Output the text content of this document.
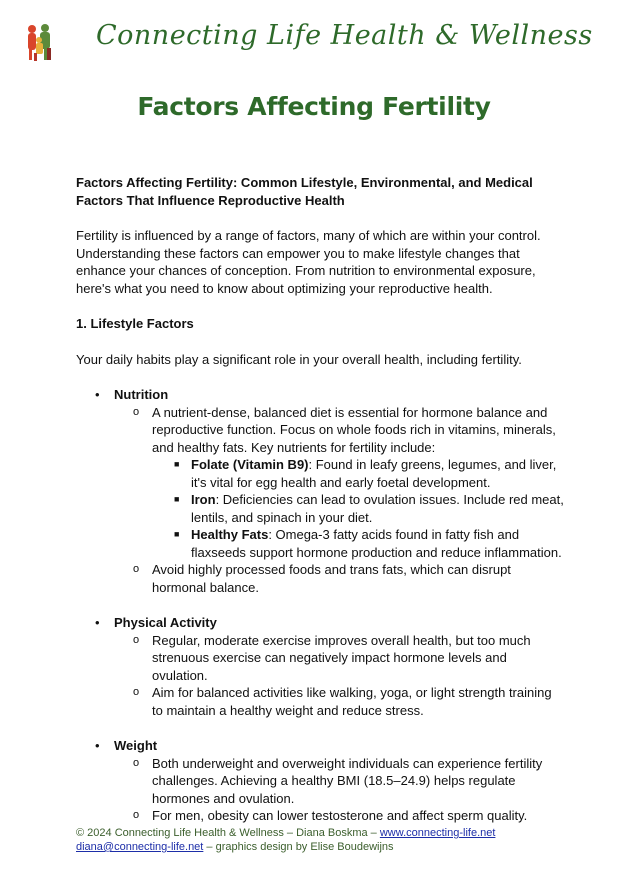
Connecting Life Health & Wellness
Factors Affecting Fertility

Factors Affecting Fertility: Common Lifestyle, Environmental, and Medical Factors That Influence Reproductive Health

Fertility is influenced by a range of factors, many of which are within your control. Understanding these factors can empower you to make lifestyle changes that enhance your chances of conception. From nutrition to environmental exposure, here's what you need to know about optimizing your reproductive health.

1. Lifestyle Factors

Your daily habits play a significant role in your overall health, including fertility.

• Nutrition
o A nutrient-dense, balanced diet is essential for hormone balance and reproductive function. Focus on whole foods rich in vitamins, minerals, and healthy fats. Key nutrients for fertility include:
■ Folate (Vitamin B9): Found in leafy greens, legumes, and liver, it's vital for egg health and early foetal development.
■ Iron: Deficiencies can lead to ovulation issues. Include red meat, lentils, and spinach in your diet.
■ Healthy Fats: Omega-3 fatty acids found in fatty fish and flaxseeds support hormone production and reduce inflammation.
o Avoid highly processed foods and trans fats, which can disrupt hormonal balance.
• Physical Activity
o Regular, moderate exercise improves overall health, but too much strenuous exercise can negatively impact hormone levels and ovulation.
o Aim for balanced activities like walking, yoga, or light strength training to maintain a healthy weight and reduce stress.
• Weight
o Both underweight and overweight individuals can experience fertility challenges. Achieving a healthy BMI (18.5–24.9) helps regulate hormones and ovulation.
o For men, obesity can lower testosterone and affect sperm quality.
© 2024 Connecting Life Health & Wellness – Diana Boskma – www.connecting-life.net
diana@connecting-life.net – graphics design by Elise Boudewijns
